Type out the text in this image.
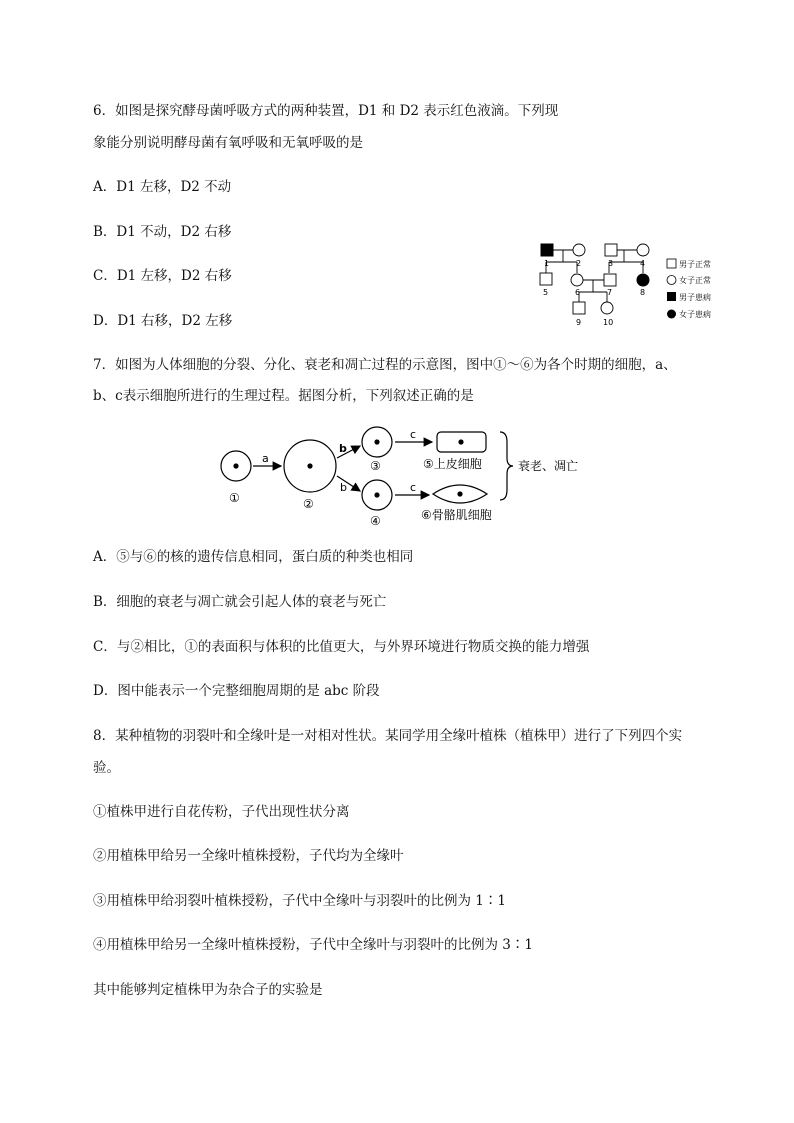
6．如图是探究酵母菌呼吸方式的两种装置，D1 和 D2 表示红色液滴。下列现
象能分别说明酵母菌有氧呼吸和无氧呼吸的是
A．D1 左移，D2 不动
B．D1 不动，D2 右移
C．D1 左移，D2 右移
D．D1 右移，D2 左移
1	2	3	4
5	6	7	8
9	10
男子正常
女子正常
男子患病
女子患病
7．如图为人体细胞的分裂、分化、衰老和凋亡过程的示意图，图中①～⑥为各个时期的细胞，a、
b、c表示细胞所进行的生理过程。据图分析，下列叙述正确的是
a
b
b
c
c
①	②
③
④
⑤上皮细胞
⑥骨骼肌细胞
衰老、凋亡
A．⑤与⑥的核的遗传信息相同，蛋白质的种类也相同
B．细胞的衰老与凋亡就会引起人体的衰老与死亡
C．与②相比，①的表面积与体积的比值更大，与外界环境进行物质交换的能力增强
D．图中能表示一个完整细胞周期的是 abc 阶段
8．某种植物的羽裂叶和全缘叶是一对相对性状。某同学用全缘叶植株（植株甲）进行了下列四个实
验。
①植株甲进行自花传粉，子代出现性状分离
②用植株甲给另一全缘叶植株授粉，子代均为全缘叶
③用植株甲给羽裂叶植株授粉，子代中全缘叶与羽裂叶的比例为 1∶1
④用植株甲给另一全缘叶植株授粉，子代中全缘叶与羽裂叶的比例为 3∶1
其中能够判定植株甲为杂合子的实验是
